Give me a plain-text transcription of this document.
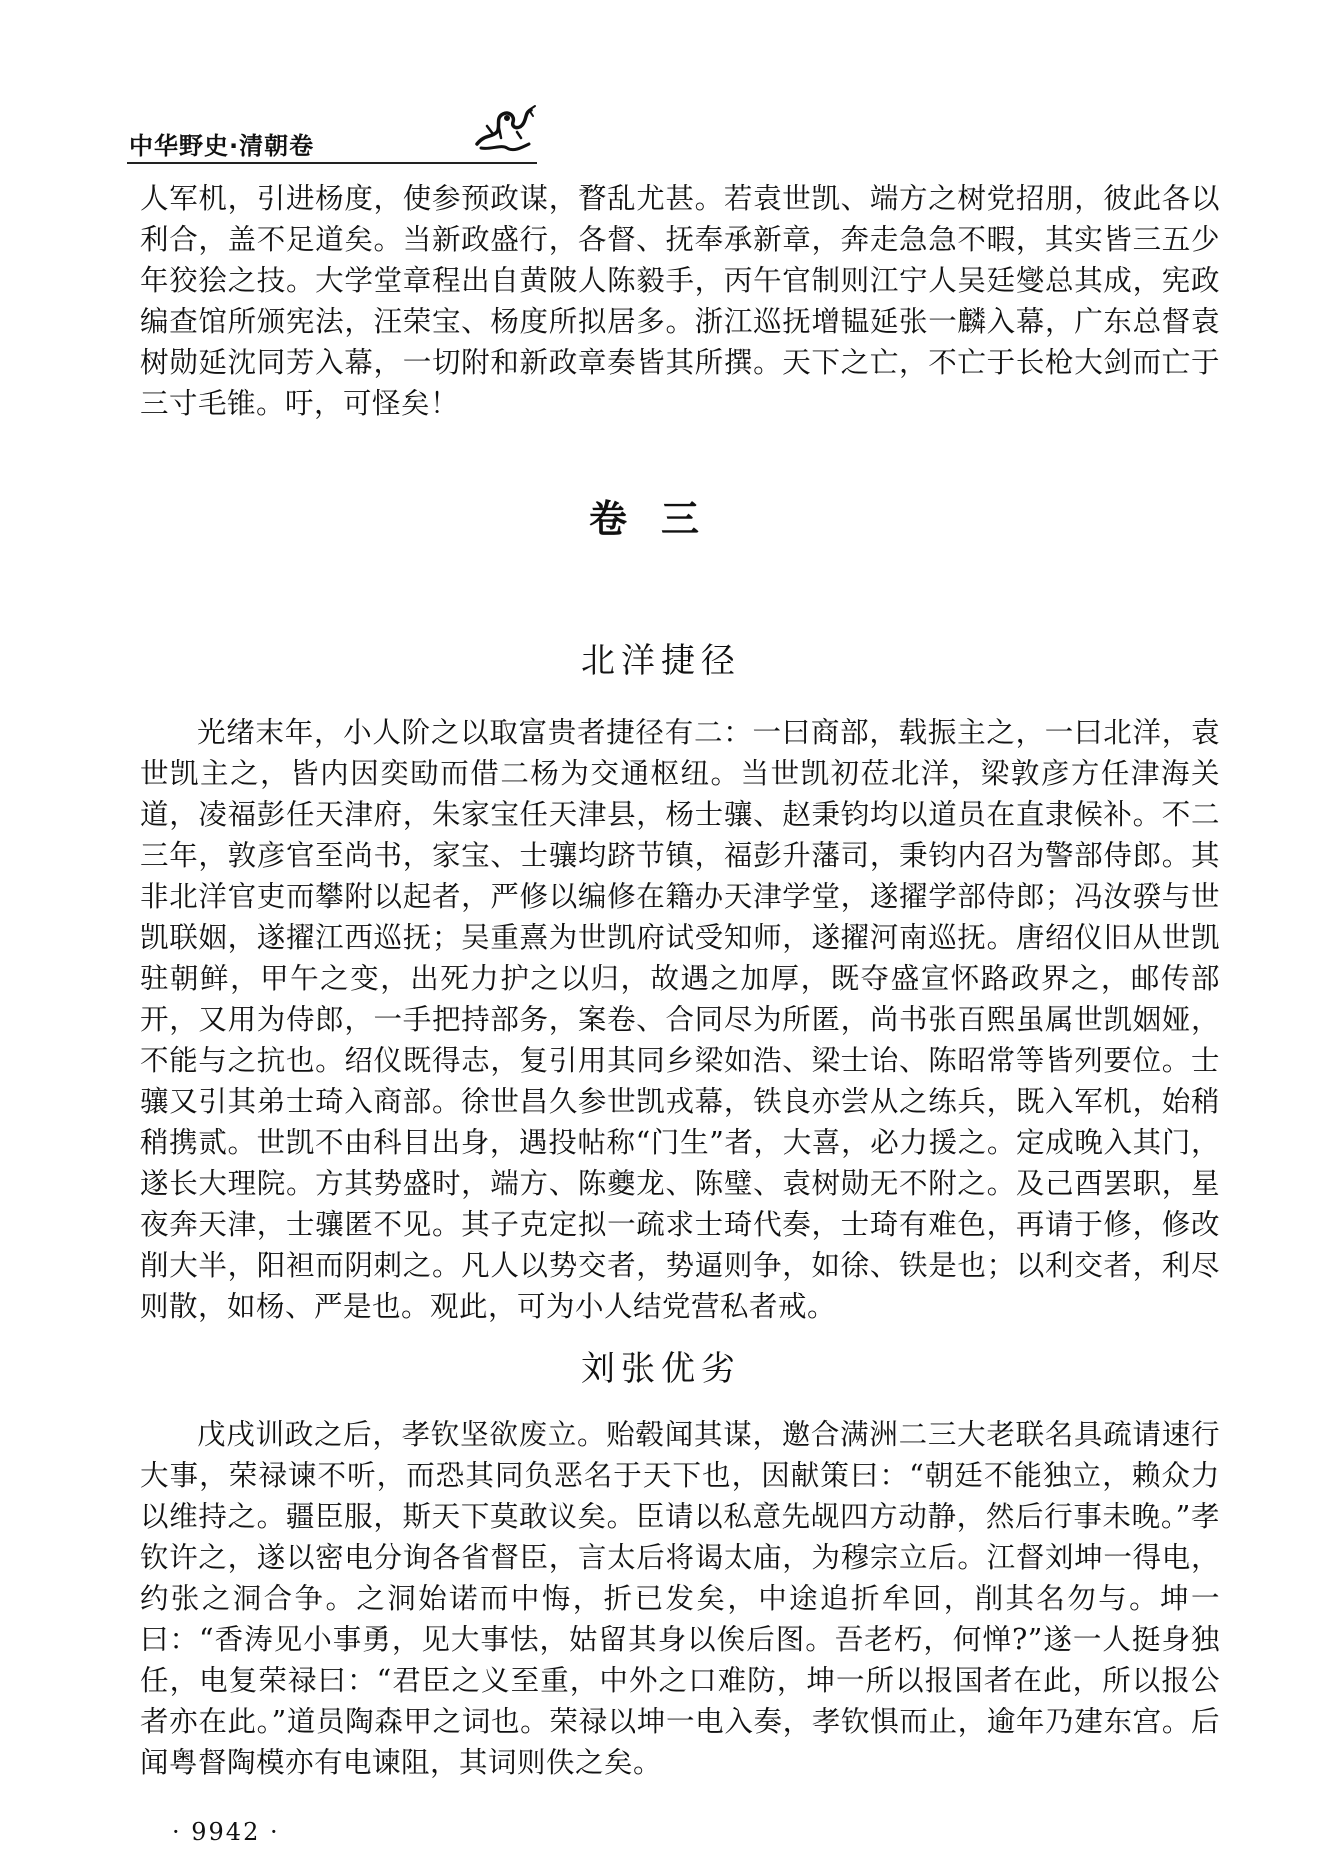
中华野史·清朝卷

人军机，引进杨度，使参预政谋，瞀乱尤甚。若袁世凯、端方之树党招朋，彼此各以利合，盖不足道矣。当新政盛行，各督、抚奉承新章，奔走急急不暇，其实皆三五少年狡狯之技。大学堂章程出自黄陂人陈毅手，丙午官制则江宁人吴廷燮总其成，宪政编查馆所颁宪法，汪荣宝、杨度所拟居多。浙江巡抚增韫延张一麟入幕，广东总督袁树勋延沈同芳入幕，一切附和新政章奏皆其所撰。天下之亡，不亡于长枪大剑而亡于三寸毛锥。吁，可怪矣！

卷三
北洋捷径

光绪末年，小人阶之以取富贵者捷径有二：一曰商部，载振主之，一曰北洋，袁世凯主之，皆内因奕劻而借二杨为交通枢纽。当世凯初莅北洋，梁敦彦方任津海关道，凌福彭任天津府，朱家宝任天津县，杨士骧、赵秉钧均以道员在直隶候补。不二三年，敦彦官至尚书，家宝、士骧均跻节镇，福彭升藩司，秉钧内召为警部侍郎。其非北洋官吏而攀附以起者，严修以编修在籍办天津学堂，遂擢学部侍郎；冯汝骙与世凯联姻，遂擢江西巡抚；吴重熹为世凯府试受知师，遂擢河南巡抚。唐绍仪旧从世凯驻朝鲜，甲午之变，出死力护之以归，故遇之加厚，既夺盛宣怀路政界之，邮传部开，又用为侍郎，一手把持部务，案卷、合同尽为所匿，尚书张百熙虽属世凯姻娅，不能与之抗也。绍仪既得志，复引用其同乡梁如浩、梁士诒、陈昭常等皆列要位。士骧又引其弟士琦入商部。徐世昌久参世凯戎幕，铁良亦尝从之练兵，既入军机，始稍稍携贰。世凯不由科目出身，遇投帖称“门生”者，大喜，必力援之。定成晚入其门，遂长大理院。方其势盛时，端方、陈夔龙、陈璧、袁树勋无不附之。及己酉罢职，星夜奔天津，士骧匿不见。其子克定拟一疏求士琦代奏，士琦有难色，再请于修，修改削大半，阳袒而阴刺之。凡人以势交者，势逼则争，如徐、铁是也；以利交者，利尽则散，如杨、严是也。观此，可为小人结党营私者戒。

刘张优劣

戊戌训政之后，孝钦坚欲废立。贻毂闻其谋，邀合满洲二三大老联名具疏请速行大事，荣禄谏不听，而恐其同负恶名于天下也，因献策曰：“朝廷不能独立，赖众力以维持之。疆臣服，斯天下莫敢议矣。臣请以私意先觇四方动静，然后行事未晚。”孝钦许之，遂以密电分询各省督臣，言太后将谒太庙，为穆宗立后。江督刘坤一得电，约张之洞合争。之洞始诺而中悔，折已发矣，中途追折牟回，削其名勿与。坤一曰：“香涛见小事勇，见大事怯，姑留其身以俟后图。吾老朽，何惮?”遂一人挺身独任，电复荣禄曰：“君臣之义至重，中外之口难防，坤一所以报国者在此，所以报公者亦在此。”道员陶森甲之词也。荣禄以坤一电入奏，孝钦惧而止，逾年乃建东宫。后闻粤督陶模亦有电谏阻，其词则佚之矣。

· 9942 ·
